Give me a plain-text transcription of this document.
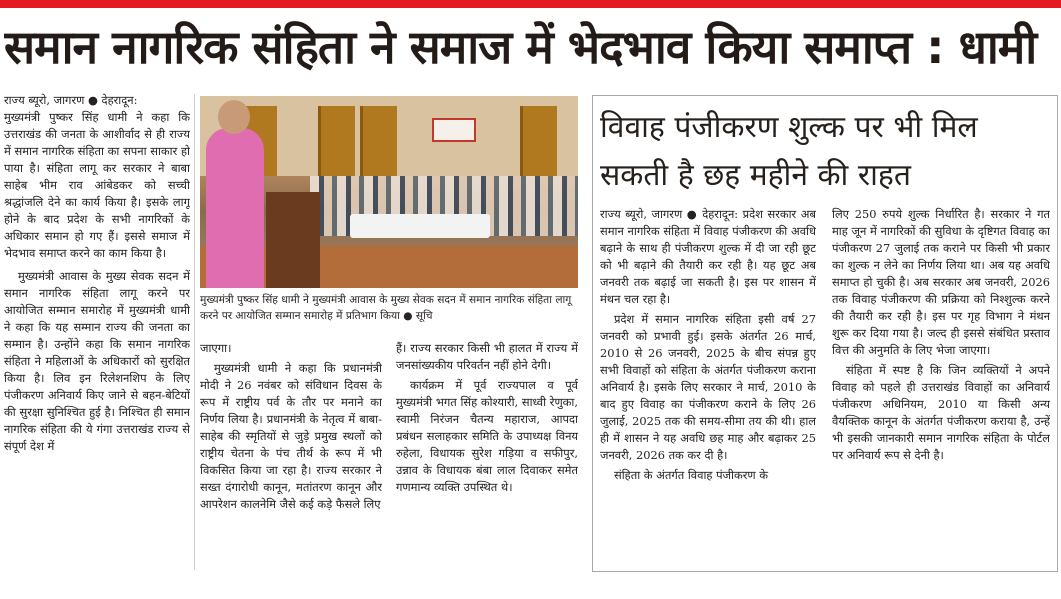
समान नागरिक संहिता ने समाज में भेदभाव किया समाप्त : धामी

राज्य ब्यूरो, जागरण ● देहरादून:

मुख्यमंत्री पुष्कर सिंह धामी ने कहा कि उत्तराखंड की जनता के आशीर्वाद से ही राज्य में समान नागरिक संहिता का सपना साकार हो पाया है। संहिता लागू कर सरकार ने बाबा साहेब भीम राव आंबेडकर को सच्ची श्रद्धांजलि देने का कार्य किया है। इसके लागू होने के बाद प्रदेश के सभी नागरिकों के अधिकार समान हो गए हैं। इससे समाज में भेदभाव समाप्त करने का काम किया है।

मुख्यमंत्री आवास के मुख्य सेवक सदन में समान नागरिक संहिता लागू करने पर आयोजित सम्मान समारोह में मुख्यमंत्री धामी ने कहा कि यह सम्मान राज्य की जनता का सम्मान है। उन्होंने कहा कि समान नागरिक संहिता ने महिलाओं के अधिकारों को सुरक्षित किया है। लिव इन रिलेशनशिप के लिए पंजीकरण अनिवार्य किए जाने से बहन-बेटियों की सुरक्षा सुनिश्चित हुई है। निश्चित ही समान नागरिक संहिता की ये गंगा उत्तराखंड राज्य से संपूर्ण देश में

मुख्यमंत्री पुष्कर सिंह धामी ने मुख्यमंत्री आवास के मुख्य सेवक सदन में समान नागरिक संहिता लागू करने पर आयोजित सम्मान समारोह में प्रतिभाग किया ● सूचि

जाएगा।

मुख्यमंत्री धामी ने कहा कि प्रधानमंत्री मोदी ने 26 नवंबर को संविधान दिवस के रूप में राष्ट्रीय पर्व के तौर पर मनाने का निर्णय लिया है। प्रधानमंत्री के नेतृत्व में बाबा-साहेब की स्मृतियों से जुड़े प्रमुख स्थलों को राष्ट्रीय चेतना के पंच तीर्थ के रूप में भी विकसित किया जा रहा है। राज्य सरकार ने सख्त दंगारोधी कानून, मतांतरण कानून और आपरेशन कालनेमि जैसे कई कड़े फैसले लिए

हैं। राज्य सरकार किसी भी हालत में राज्य में जनसांख्यकीय परिवर्तन नहीं होने देगी।

कार्यक्रम में पूर्व राज्यपाल व पूर्व मुख्यमंत्री भगत सिंह कोश्यारी, साध्वी रेणुका, स्वामी निरंजन चैतन्य महाराज, आपदा प्रबंधन सलाहकार समिति के उपाध्यक्ष विनय रुहेला, विधायक सुरेश गड़िया व सफीपुर, उन्नाव के विधायक बंबा लाल दिवाकर समेत गणमान्य व्यक्ति उपस्थित थे।

विवाह पंजीकरण शुल्क पर भी मिल सकती है छह महीने की राहत

राज्य ब्यूरो, जागरण ● देहरादून: प्रदेश सरकार अब समान नागरिक संहिता में विवाह पंजीकरण की अवधि बढ़ाने के साथ ही पंजीकरण शुल्क में दी जा रही छूट को भी बढ़ाने की तैयारी कर रही है। यह छूट अब जनवरी तक बढ़ाई जा सकती है। इस पर शासन में मंथन चल रहा है।

प्रदेश में समान नागरिक संहिता इसी वर्ष 27 जनवरी को प्रभावी हुई। इसके अंतर्गत 26 मार्च, 2010 से 26 जनवरी, 2025 के बीच संपन्न हुए सभी विवाहों को संहिता के अंतर्गत पंजीकरण कराना अनिवार्य है। इसके लिए सरकार ने मार्च, 2010 के बाद हुए विवाह का पंजीकरण कराने के लिए 26 जुलाई, 2025 तक की समय-सीमा तय की थी। हाल ही में शासन ने यह अवधि छह माह और बढ़ाकर 25 जनवरी, 2026 तक कर दी है।

संहिता के अंतर्गत विवाह पंजीकरण के

लिए 250 रुपये शुल्क निर्धारित है। सरकार ने गत माह जून में नागरिकों की सुविधा के दृष्टिगत विवाह का पंजीकरण 27 जुलाई तक कराने पर किसी भी प्रकार का शुल्क न लेने का निर्णय लिया था। अब यह अवधि समाप्त हो चुकी है। अब सरकार अब जनवरी, 2026 तक विवाह पंजीकरण की प्रक्रिया को निश्शुल्क करने की तैयारी कर रही है। इस पर गृह विभाग ने मंथन शुरू कर दिया गया है। जल्द ही इससे संबंधित प्रस्ताव वित्त की अनुमति के लिए भेजा जाएगा।

संहिता में स्पष्ट है कि जिन व्यक्तियों ने अपने विवाह को पहले ही उत्तराखंड विवाहों का अनिवार्य पंजीकरण अधिनियम, 2010 या किसी अन्य वैयक्तिक कानून के अंतर्गत पंजीकरण कराया है, उन्हें भी इसकी जानकारी समान नागरिक संहिता के पोर्टल पर अनिवार्य रूप से देनी है।
